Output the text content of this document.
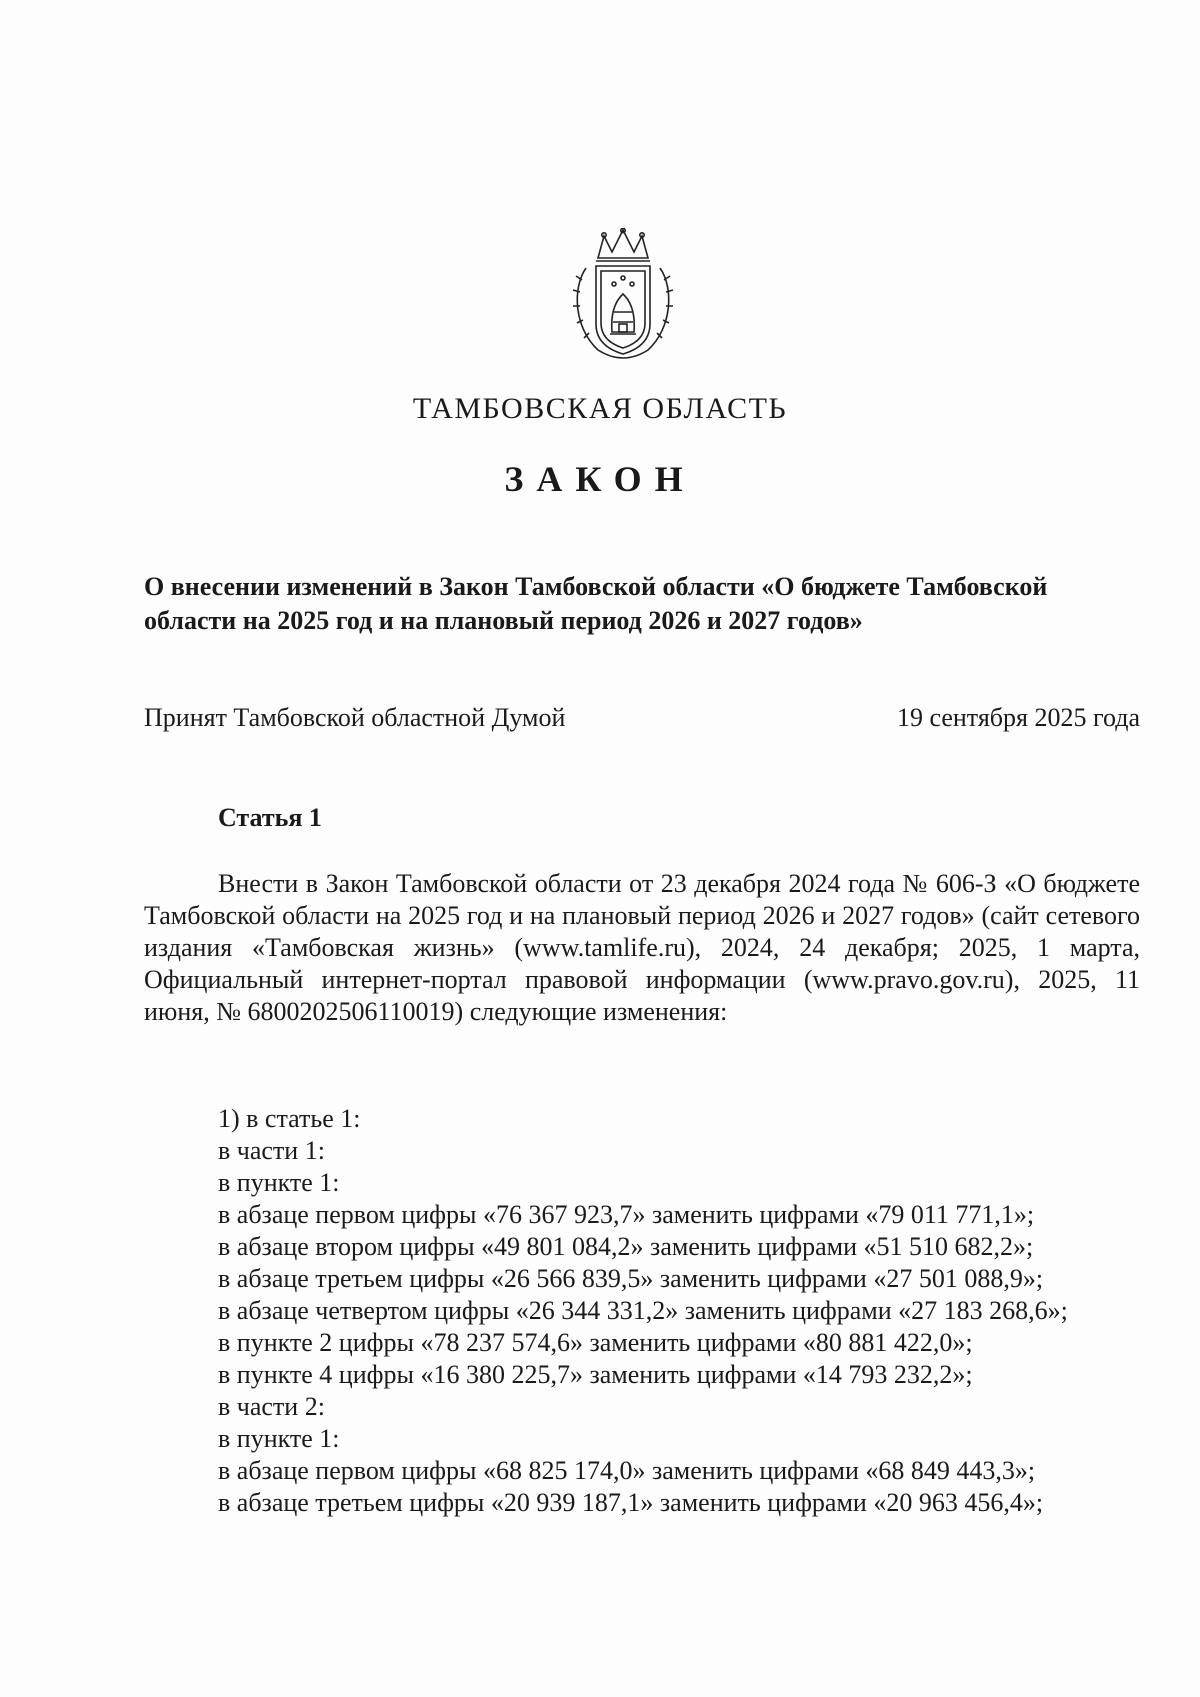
ТАМБОВСКАЯ ОБЛАСТЬ
ЗАКОН

О внесении изменений в Закон Тамбовской области «О бюджете Тамбовской области на 2025 год и на плановый период 2026 и 2027 годов»

Принят Тамбовской областной Думой	19 сентября 2025 года
Статья 1

Внести в Закон Тамбовской области от 23 декабря 2024 года № 606-З «О бюджете Тамбовской области на 2025 год и на плановый период 2026 и 2027 годов» (сайт сетевого издания «Тамбовская жизнь» (www.tamlife.ru), 2024, 24 декабря; 2025, 1 марта, Официальный интернет-портал правовой информации (www.pravo.gov.ru), 2025, 11 июня, № 6800202506110019) следующие изменения:

1) в статье 1:
в части 1:
в пункте 1:
в абзаце первом цифры «76 367 923,7» заменить цифрами «79 011 771,1»;
в абзаце втором цифры «49 801 084,2» заменить цифрами «51 510 682,2»;
в абзаце третьем цифры «26 566 839,5» заменить цифрами «27 501 088,9»;
в абзаце четвертом цифры «26 344 331,2» заменить цифрами «27 183 268,6»;
в пункте 2 цифры «78 237 574,6» заменить цифрами «80 881 422,0»;
в пункте 4 цифры «16 380 225,7» заменить цифрами «14 793 232,2»;
в части 2:
в пункте 1:
в абзаце первом цифры «68 825 174,0» заменить цифрами «68 849 443,3»;
в абзаце третьем цифры «20 939 187,1» заменить цифрами «20 963 456,4»;
